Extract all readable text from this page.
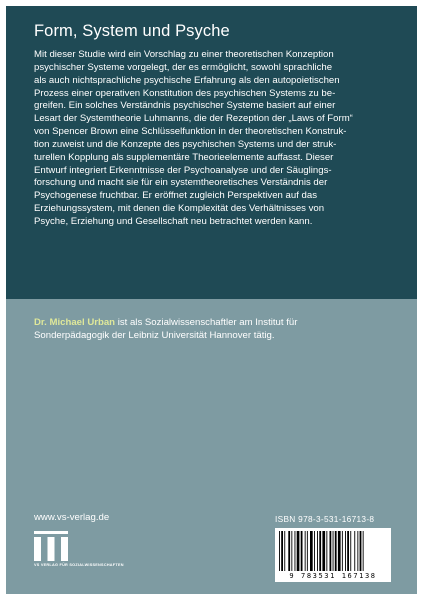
Form, System und Psyche
Mit dieser Studie wird ein Vorschlag zu einer theoretischen Konzeption
psychischer Systeme vorgelegt, der es ermöglicht, sowohl sprachliche
als auch nichtsprachliche psychische Erfahrung als den autopoietischen
Prozess einer operativen Konstitution des psychischen Systems zu be-
greifen. Ein solches Verständnis psychischer Systeme basiert auf einer
Lesart der Systemtheorie Luhmanns, die der Rezeption der „Laws of Form“
von Spencer Brown eine Schlüsselfunktion in der theoretischen Konstruk-
tion zuweist und die Konzepte des psychischen Systems und der struk-
turellen Kopplung als supplementäre Theorieelemente auffasst. Dieser
Entwurf integriert Erkenntnisse der Psychoanalyse und der Säuglings-
forschung und macht sie für ein systemtheoretisches Verständnis der
Psychogenese fruchtbar. Er eröffnet zugleich Perspektiven auf das
Erziehungssystem, mit denen die Komplexität des Verhältnisses von
Psyche, Erziehung und Gesellschaft neu betrachtet werden kann.
Dr. Michael Urban ist als Sozialwissenschaftler am Institut für
Sonderpädagogik der Leibniz Universität Hannover tätig.
www.vs-verlag.de
VS VERLAG FÜR SOZIALWISSENSCHAFTEN
ISBN 978-3-531-16713-8
9 783531 167138
